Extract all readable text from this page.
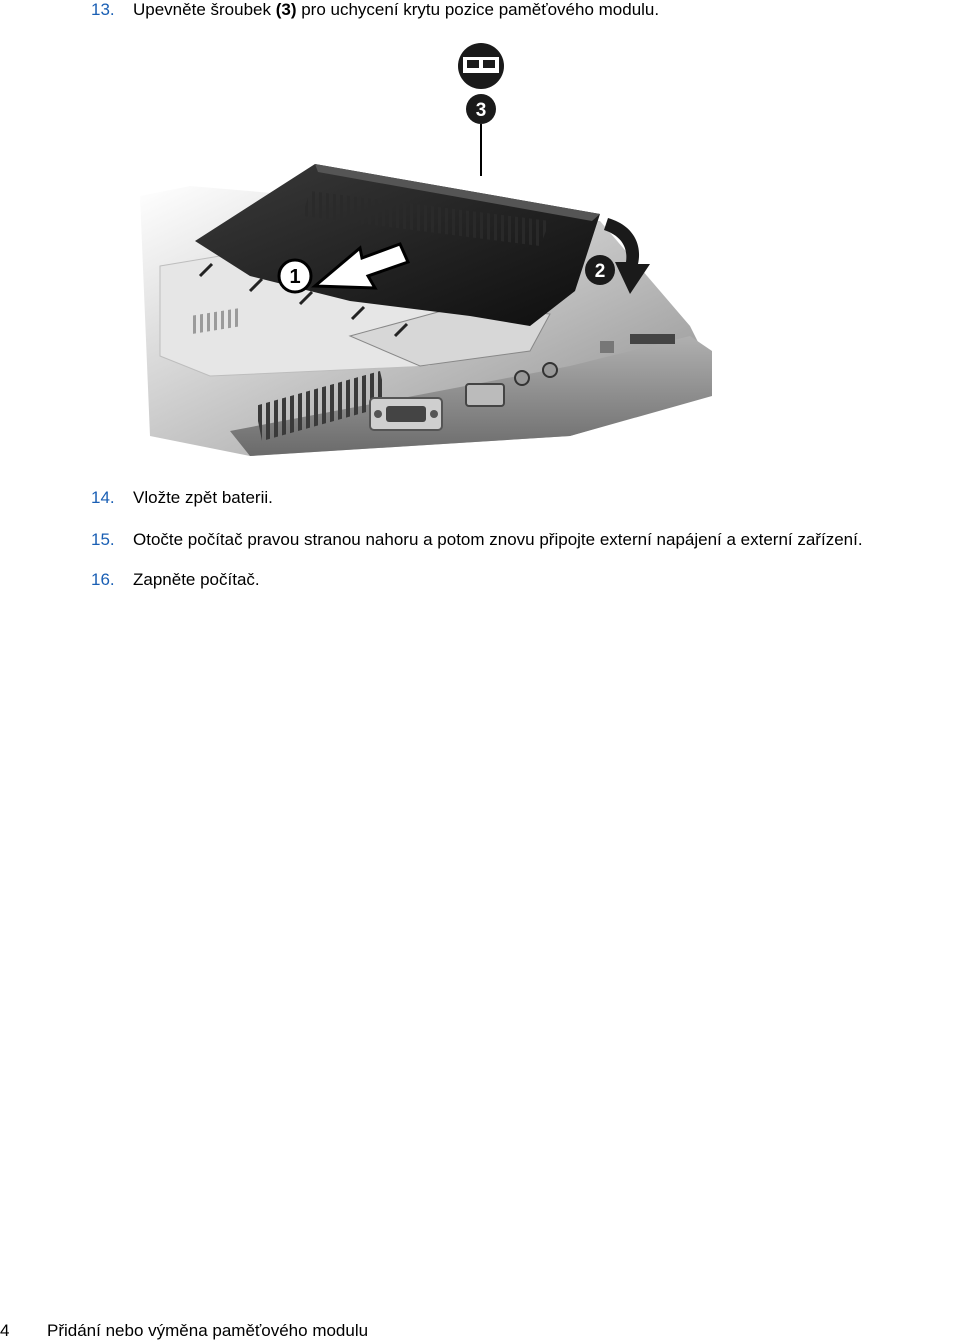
13. Upevněte šroubek (3) pro uchycení krytu pozice paměťového modulu.
1	2
3
14. Vložte zpět baterii.
15. Otočte počítač pravou stranou nahoru a potom znovu připojte externí napájení a externí zařízení.
16. Zapněte počítač.
4 Přidání nebo výměna paměťového modulu
